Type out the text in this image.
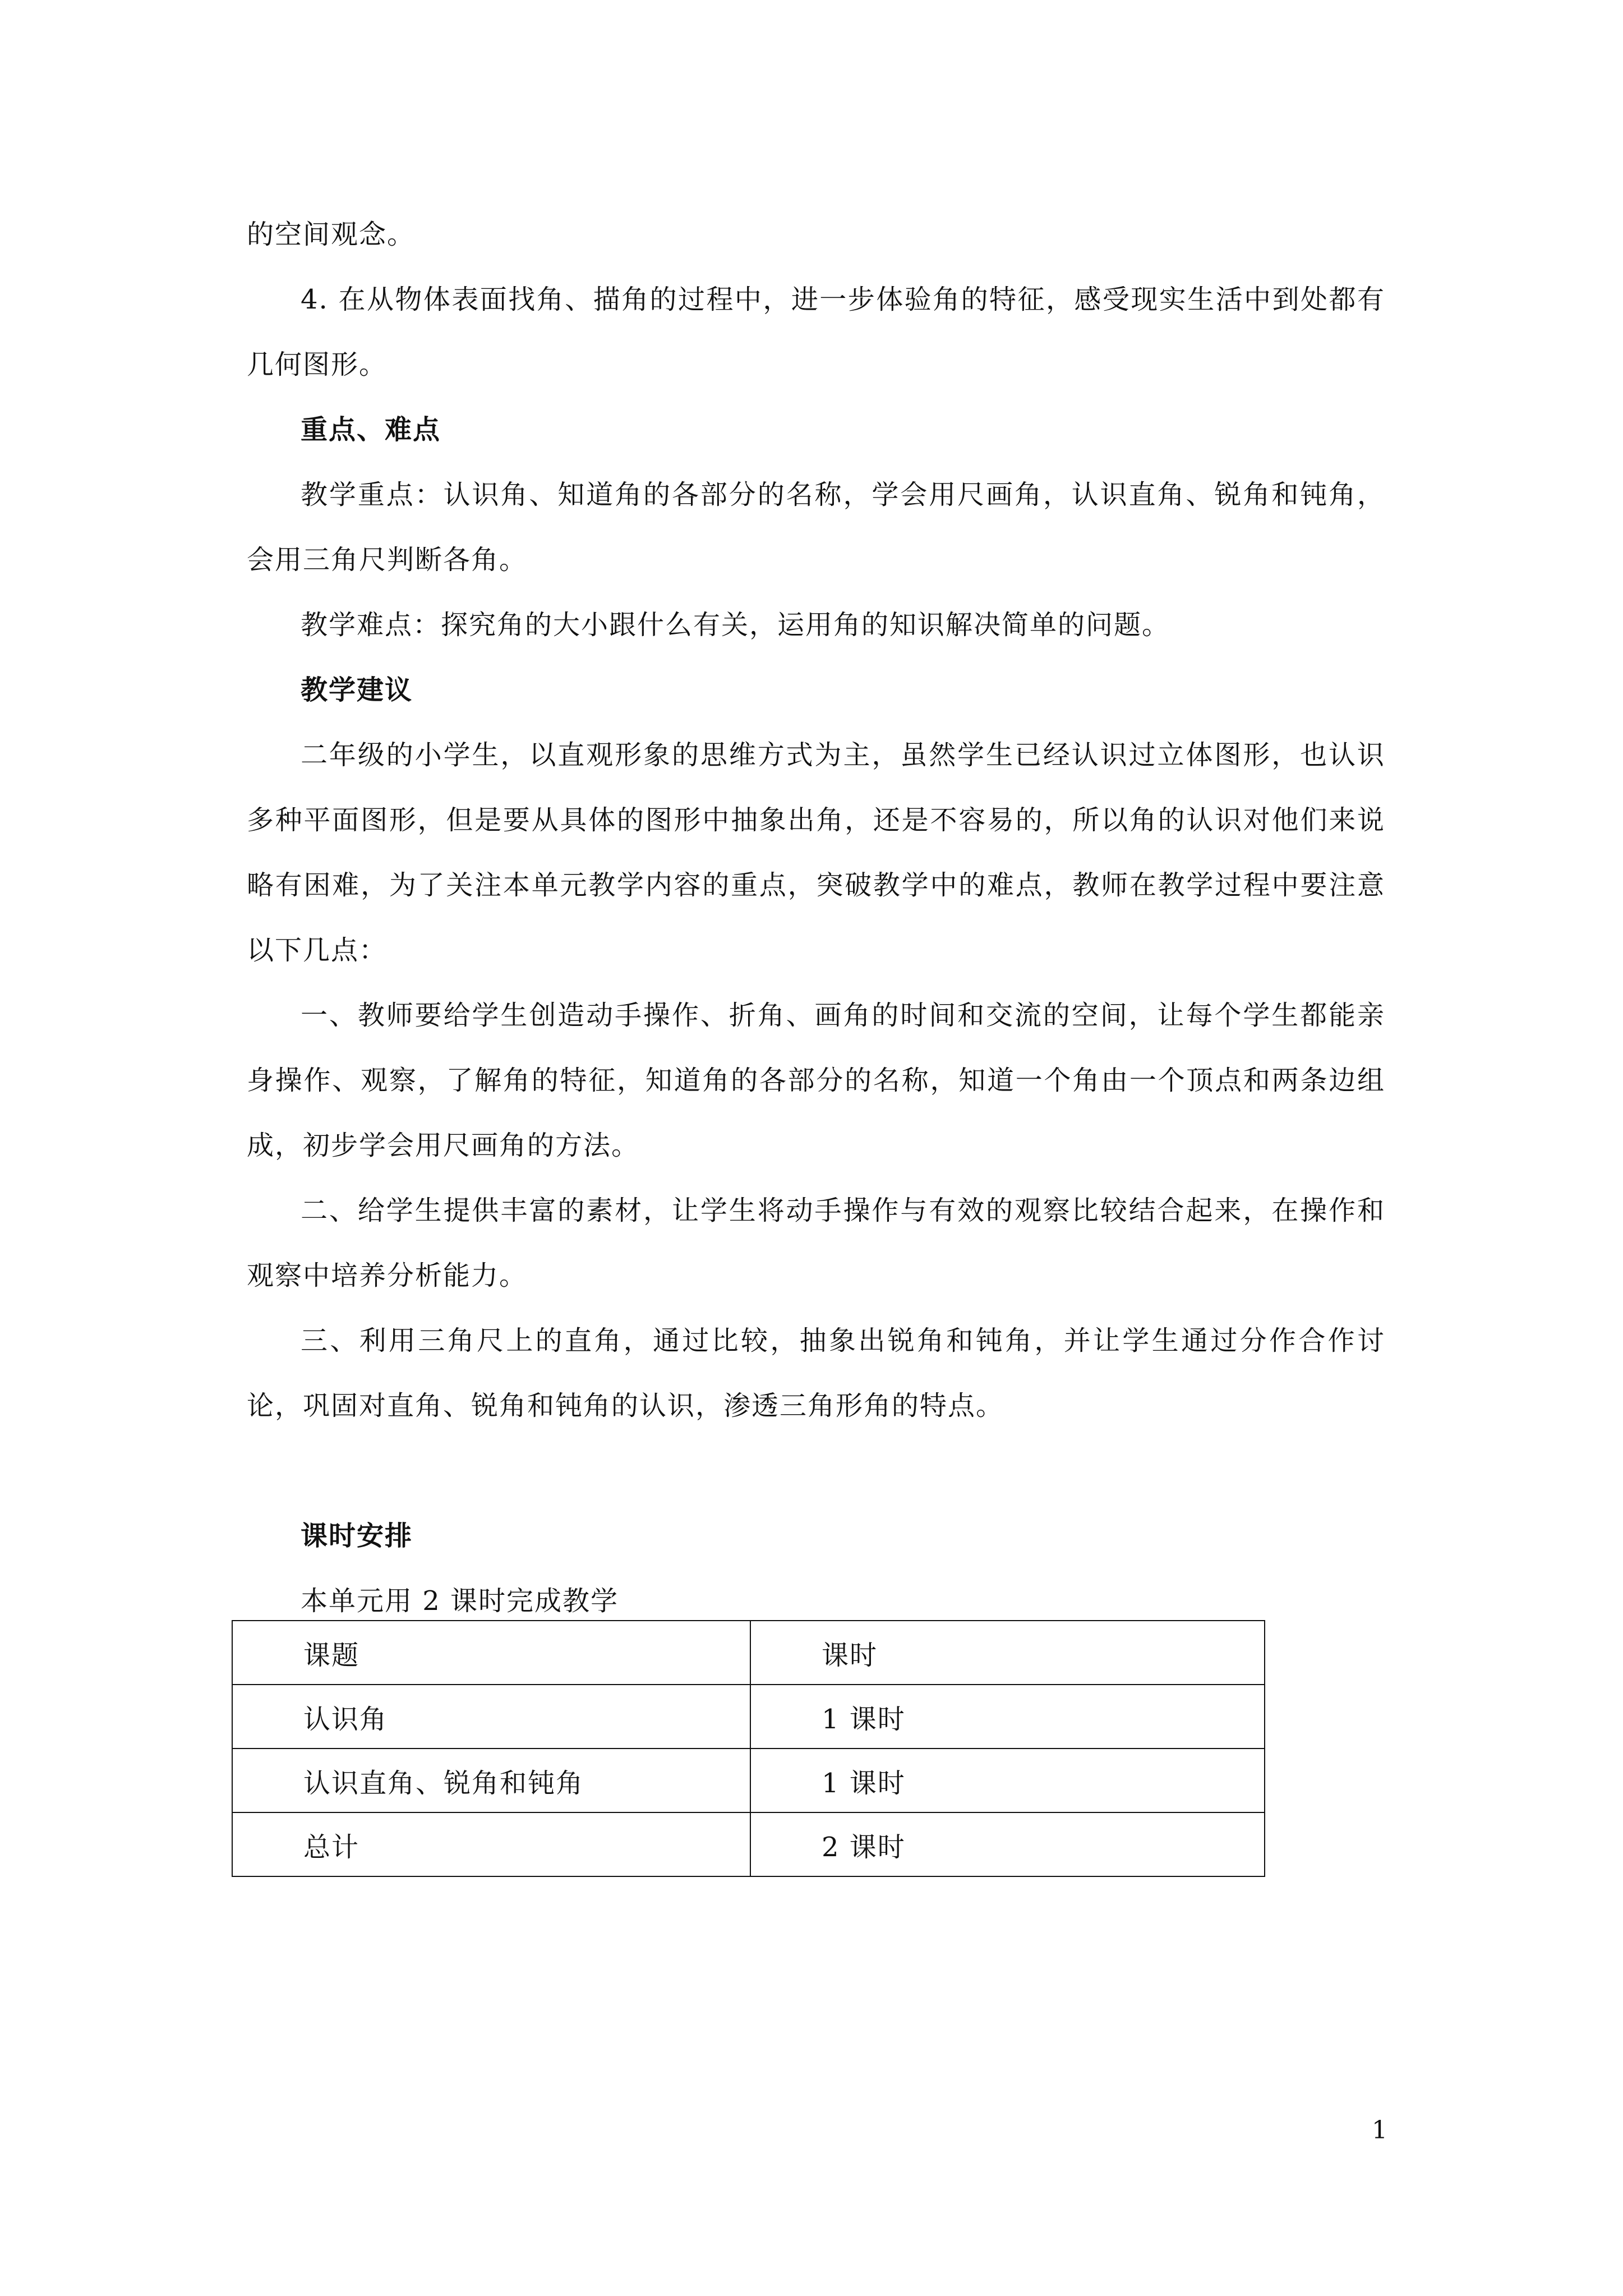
的空间观念。

4. 在从物体表面找角、描角的过程中，进一步体验角的特征，感受现实生活中到处都有几何图形。

重点、难点

教学重点：认识角、知道角的各部分的名称，学会用尺画角，认识直角、锐角和钝角，会用三角尺判断各角。

教学难点：探究角的大小跟什么有关，运用角的知识解决简单的问题。

教学建议

二年级的小学生，以直观形象的思维方式为主，虽然学生已经认识过立体图形，也认识多种平面图形，但是要从具体的图形中抽象出角，还是不容易的，所以角的认识对他们来说略有困难，为了关注本单元教学内容的重点，突破教学中的难点，教师在教学过程中要注意以下几点：

一、教师要给学生创造动手操作、折角、画角的时间和交流的空间，让每个学生都能亲身操作、观察，了解角的特征，知道角的各部分的名称，知道一个角由一个顶点和两条边组成，初步学会用尺画角的方法。

二、给学生提供丰富的素材，让学生将动手操作与有效的观察比较结合起来，在操作和观察中培养分析能力。

三、利用三角尺上的直角，通过比较，抽象出锐角和钝角，并让学生通过分作合作讨论，巩固对直角、锐角和钝角的认识，渗透三角形角的特点。

课时安排

本单元用 2 课时完成教学

课题	课时
认识角	1 课时
认识直角、锐角和钝角	1 课时
总计	2 课时
1
